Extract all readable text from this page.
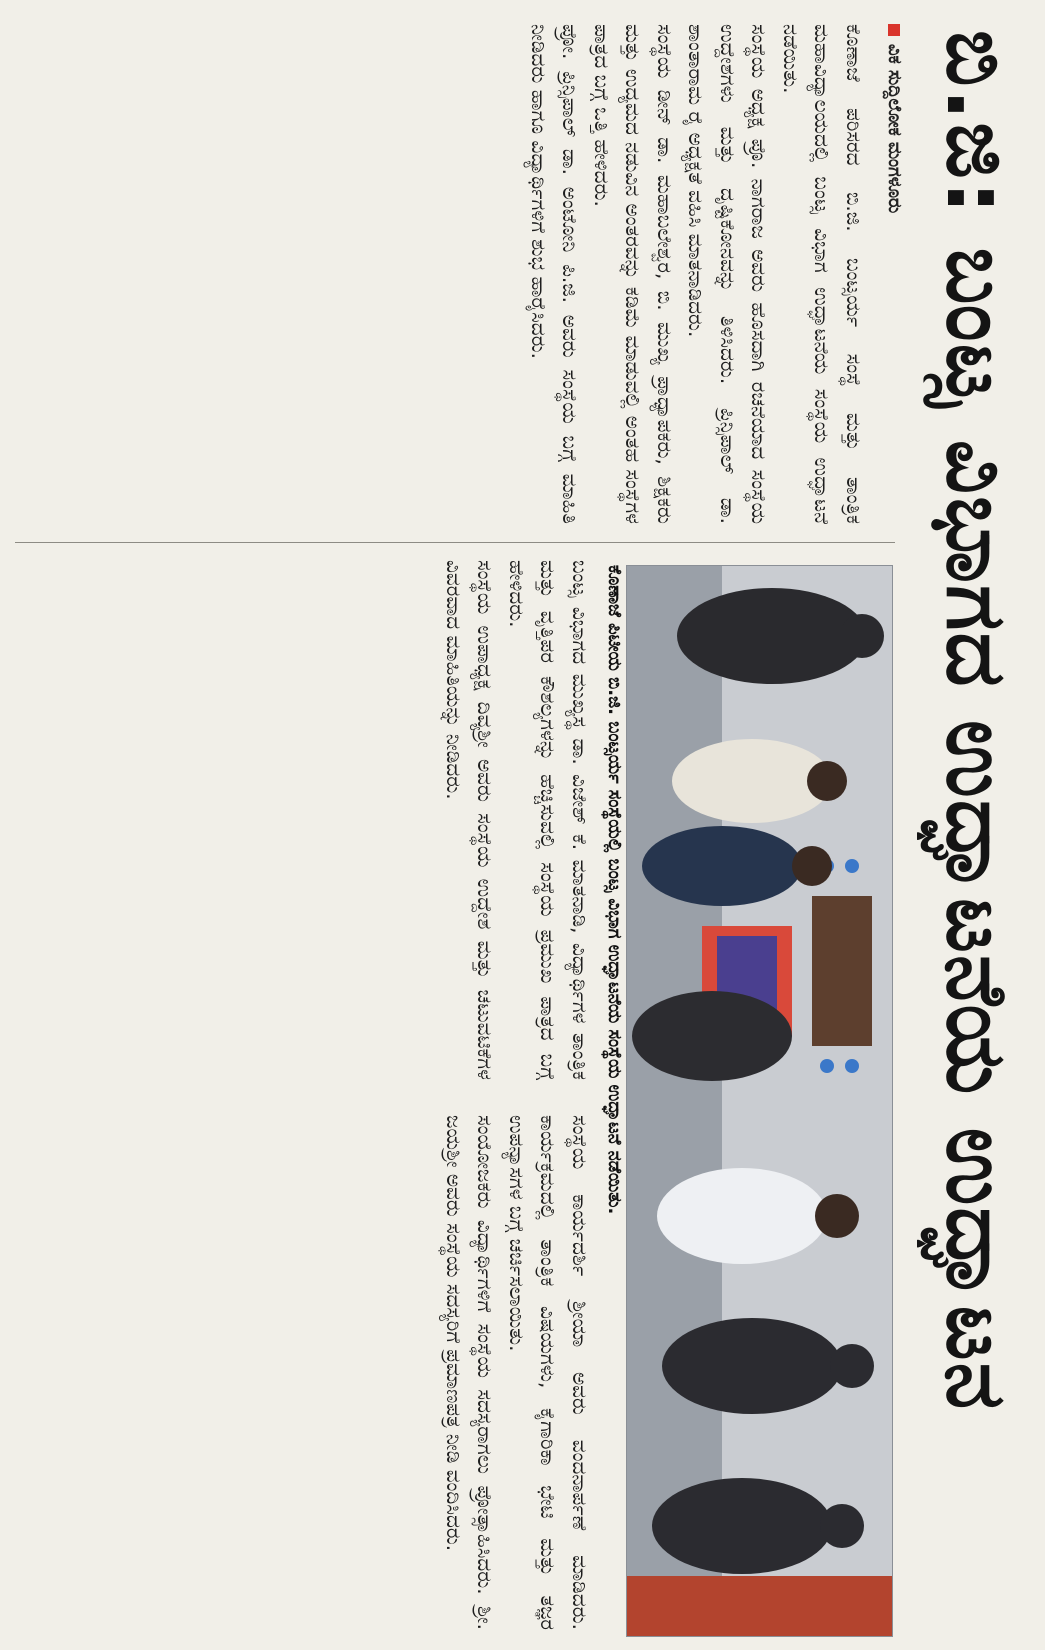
ಬಿ.ಜಿ: ಬಂಟ್ಸ ವಿಭಾಗದ ಉದ್ಘಾಟನೆಯ ಉದ್ಘಾಟನ
ವಿಕ ಸುದ್ದಿಲೋಕ ಮಂಗಳೂರು

ಕೊಣಾಜೆ ಪರಿಸರದ ಬಿ.ಜಿ. ಬಂಟ್ಸರ್ಯ ಸಂಸ್ಥೆ ಮತ್ತು ತಾಂತ್ರಿಕ ಮಹಾವಿದ್ಯಾಲಯದಲ್ಲಿ ಬಂಟ್ಸ ವಿಭಾಗ ಉದ್ಘಾಟನೆಯ ಸಂಸ್ಥೆಯ ಉದ್ಘಾಟನೆ ನಡೆಯಿತು.

ಸಂಸ್ಥೆಯ ಅಧ್ಯಕ್ಷ ಪ್ರೊ. ನಾಗರಾಜ ಅವರು ಹೊಸದಾಗಿ ರಚನೆಯಾದ ಸಂಸ್ಥೆಯ ಉದ್ದೇಶಗಳು ಮತ್ತು ದೃಷ್ಟಿಕೋನವನ್ನು ತಿಳಿಸಿದರು. ಪ್ರಿನ್ಸಿಪಾಲ್ ಡಾ. ಶಾಂತಾರಾಮ ರೈ ಅಧ್ಯಕ್ಷತೆ ವಹಿಸಿ ಮಾತನಾಡಿದರು.

ಸಂಸ್ಥೆಯ ಡೀನ್ ಡಾ. ಮಹಾಬಲೇಶ್ವರ, ಬಿ. ಮುಖ್ಯ ಪ್ರಾಧ್ಯಾಪಕರು, ಶಿಕ್ಷಕರು ಮತ್ತು ಉದ್ಯಮದ ನಡುವಿನ ಅಂತರವನ್ನು ಕಡಿಮೆ ಮಾಡುವಲ್ಲಿ ಅಂತಹ ಸಂಸ್ಥೆಗಳ ಪಾತ್ರದ ಬಗ್ಗೆ ಒತ್ತಿ ಹೇಳಿದರು.

ಪ್ರೋ. ಪ್ರಿನ್ಸಿಪಾಲ್ ಡಾ. ಅಂಟೋನಿ ಪಿ.ಜಿ. ಅವರು ಸಂಸ್ಥೆಯ ಬಗ್ಗೆ ಮಾಹಿತಿ ನೀಡಿದರು ಹಾಗೂ ವಿದ್ಯಾರ್ಥಿಗಳಿಗೆ ಶುಭ ಹಾರೈಸಿದರು.

ಕೊಣಾಜೆ ಪಿಟೀಯ ಬಿ.ಜಿ. ಬಂಟ್ಸರ್ಯ ಸಂಸ್ಥೆಯಲ್ಲಿ ಬಂಟ್ಸ ವಿಭಾಗ ಉದ್ಘಾಟನೆಯ ಸಂಸ್ಥೆಯ ಉದ್ಘಾಟನೆ ನಡೆಯಿತು.

ಬಂಟ್ಸ ವಿಭಾಗದ ಮುಖ್ಯಸ್ಥ ಡಾ. ವಿಜೇಶ್ ಕೆ. ಮಾತನಾಡಿ, ವಿದ್ಯಾರ್ಥಿಗಳ ತಾಂತ್ರಿಕ ಮತ್ತು ವೃತ್ತಿಪರ ಕೌಶಲ್ಯಗಳನ್ನು ಹೆಚ್ಚಿಸುವಲ್ಲಿ ಸಂಸ್ಥೆಯ ಪ್ರಮುಖ ಪಾತ್ರದ ಬಗ್ಗೆ ಹೇಳಿದರು.

ಸಂಸ್ಥೆಯ ಉಪಾಧ್ಯಕ್ಷ ದಿವ್ಯಶ್ರೀ ಅವರು ಸಂಸ್ಥೆಯ ಉದ್ದೇಶ ಮತ್ತು ಚಟುವಟಿಕೆಗಳ ವಿವರವಾದ ಮಾಹಿತಿಯನ್ನು ನೀಡಿದರು.

ಸಂಸ್ಥೆಯ ಕಾರ್ಯದರ್ಶಿ ಶ್ರೀಯಾ ಅವರು ವಂದನಾರ್ಪಣೆ ಮಾಡಿದರು. ಕಾರ್ಯಕ್ರಮದಲ್ಲಿ ತಾಂತ್ರಿಕ ವಿಷಯಗಳು, ಕೈಗಾರಿಕಾ ಭೇಟಿ ಮತ್ತು ತಜ್ಞರ ಉಪನ್ಯಾಸಗಳ ಬಗ್ಗೆ ಚರ್ಚಿಸಲಾಯಿತು.

ಸಂಯೋಜಕರು ವಿದ್ಯಾರ್ಥಿಗಳಿಗೆ ಸಂಸ್ಥೆಯ ಸದಸ್ಯರಾಗಲು ಪ್ರೋತ್ಸಾಹಿಸಿದರು. ಶ್ರೀ. ಜಯಶ್ರೀ ಅವರು ಸಂಸ್ಥೆಯ ಸದಸ್ಯರಿಗೆ ಪ್ರಮಾಣಪತ್ರ ನೀಡಿ ವಂದಿಸಿದರು.
